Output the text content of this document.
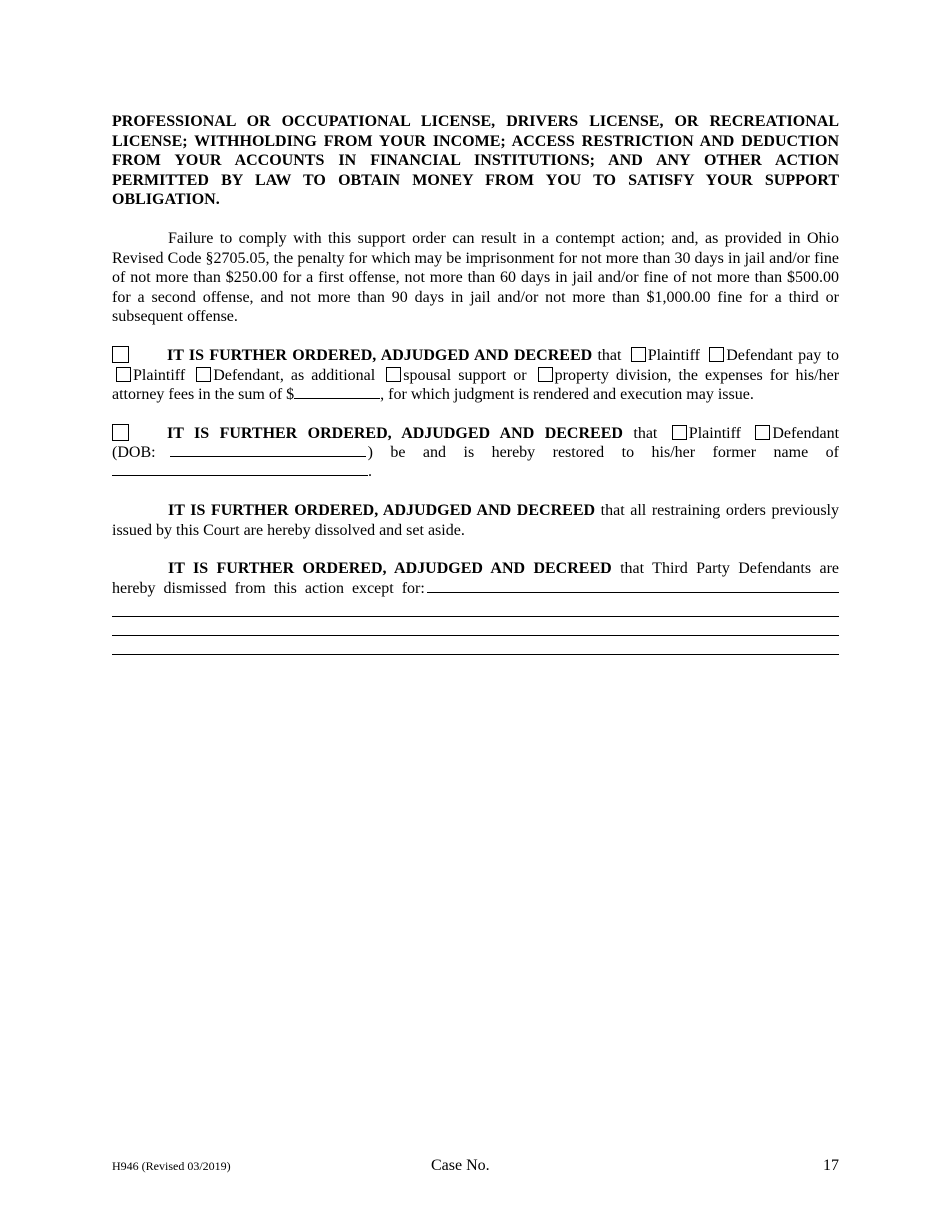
PROFESSIONAL OR OCCUPATIONAL LICENSE, DRIVERS LICENSE, OR RECREATIONAL LICENSE; WITHHOLDING FROM YOUR INCOME; ACCESS RESTRICTION AND DEDUCTION FROM YOUR ACCOUNTS IN FINANCIAL INSTITUTIONS; AND ANY OTHER ACTION PERMITTED BY LAW TO OBTAIN MONEY FROM YOU TO SATISFY YOUR SUPPORT OBLIGATION.

Failure to comply with this support order can result in a contempt action; and, as provided in Ohio Revised Code §2705.05, the penalty for which may be imprisonment for not more than 30 days in jail and/or fine of not more than $250.00 for a first offense, not more than 60 days in jail and/or fine of not more than $500.00 for a second offense, and not more than 90 days in jail and/or not more than $1,000.00 fine for a third or subsequent offense.

IT IS FURTHER ORDERED, ADJUDGED AND DECREED that Plaintiff Defendant pay to Plaintiff Defendant, as additional spousal support or property division, the expenses for his/her attorney fees in the sum of $	, for which judgment is rendered and execution may issue.

IT IS FURTHER ORDERED, ADJUDGED AND DECREED that Plaintiff Defendant

(DOB:	) be and is hereby restored to his/her former name of
.

IT IS FURTHER ORDERED, ADJUDGED AND DECREED that all restraining orders previously issued by this Court are hereby dissolved and set aside.

IT IS FURTHER ORDERED, ADJUDGED AND DECREED that Third Party Defendants are

hereby dismissed from this action except for:
H946 (Revised 03/2019)	Case No.	17
